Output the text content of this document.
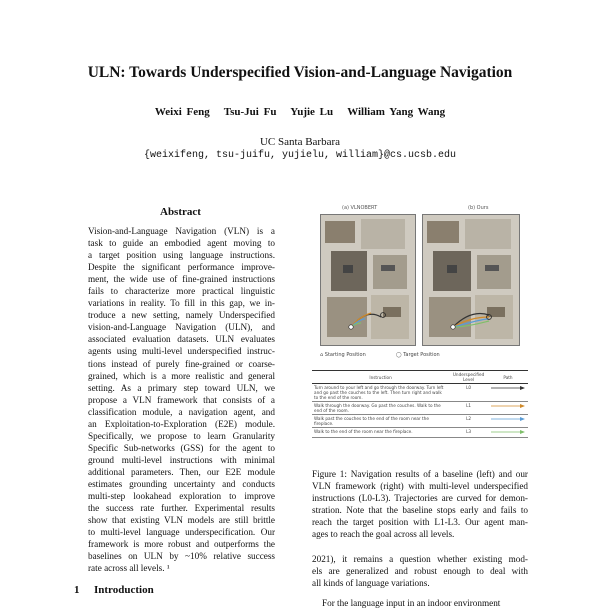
ULN: Towards Underspecified Vision-and-Language Navigation
Weixi Feng Tsu-Jui Fu Yujie Lu William Yang Wang
UC Santa Barbara
{weixifeng, tsu-juifu, yujielu, william}@cs.ucsb.edu
Abstract
Vision-and-Language Navigation (VLN) is a
task to guide an embodied agent moving to
a target position using language instructions.
Despite the significant performance improve-
ment, the wide use of fine-grained instructions
fails to characterize more practical linguistic
variations in reality. To fill in this gap, we in-
troduce a new setting, namely Underspecified
vision-and-Language Navigation (ULN), and
associated evaluation datasets. ULN evaluates
agents using multi-level underspecified instruc-
tions instead of purely fine-grained or coarse-
grained, which is a more realistic and general
setting. As a primary step toward ULN, we
propose a VLN framework that consists of a
classification module, a navigation agent, and
an Exploitation-to-Exploration (E2E) module.
Specifically, we propose to learn Granularity
Specific Sub-networks (GSS) for the agent to
ground multi-level instructions with minimal
additional parameters. Then, our E2E module
estimates grounding uncertainty and conducts
multi-step lookahead exploration to improve
the success rate further. Experimental results
show that existing VLN models are still brittle
to multi-level language underspecification. Our
framework is more robust and outperforms the
baselines on ULN by ~10% relative success
rate across all levels. ¹
1 Introduction
(a) VLNOBERT	(b) Ours
⌂ Starting Position	◯ Target Position
Instruction	Underspecified Level	Path
Turn around to your left and go through the doorway. Turn left and go past the couches to the left. Then turn right and walk to the end of the room.	L0	
Walk through the doorway. Go past the couches. Walk to the end of the room.	L1	
Walk past the couches to the end of the room near the fireplace.	L2	
Walk to the end of the room near the fireplace.	L3	
Figure 1: Navigation results of a baseline (left) and our
VLN framework (right) with multi-level underspecified
instructions (L0-L3). Trajectories are curved for demon-
stration. Note that the baseline stops early and fails to
reach the target position with L1-L3. Our agent man-
ages to reach the goal across all levels.
2021), it remains a question whether existing mod-
els are generalized and robust enough to deal with
all kinds of language variations.
For the language input in an indoor environment
